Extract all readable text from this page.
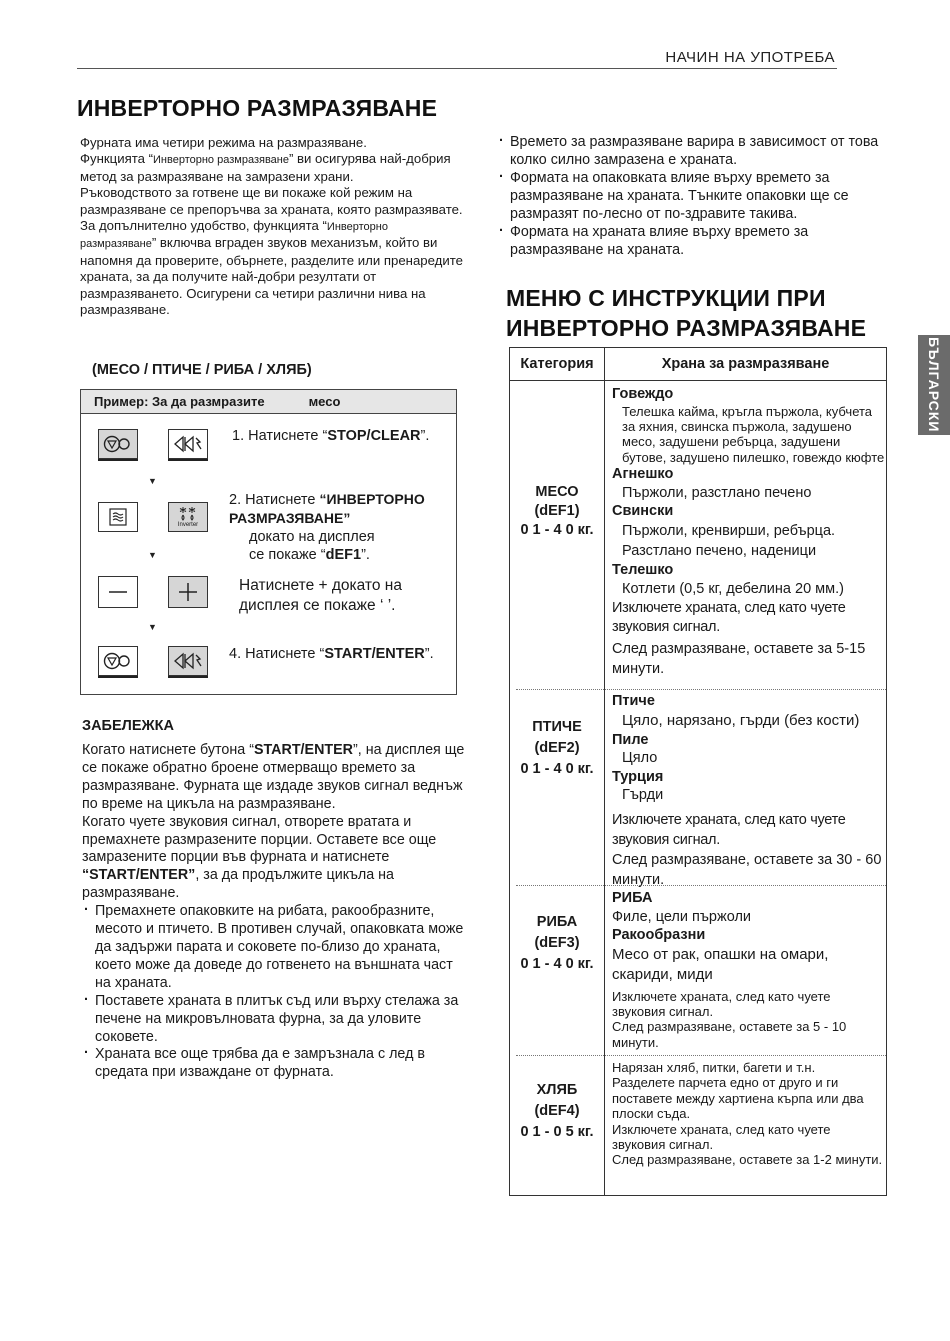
НАЧИН НА УПОТРЕБА
БЪЛГАРСКИ
ИНВЕРТОРНО РАЗМРАЗЯВАНЕ

Фурната има четири режима на размразяване.

Функцията “Инверторно размразяване” ви осигурява най-добрия метод за размразяване на замразени храни.

Ръководството за готвене ще ви покаже кой режим на размразяване се препоръчва за храната, която размразявате.

За допълнително удобство, функцията “Инверторно размразяване” включва вграден звуков механизъм, който ви напомня да проверите, обърнете, разделите или пренаредите храната, за да получите най-добри резултати от размразяването. Осигурени са четири различни нива на размразяване.

(МЕСО / ПТИЧЕ / РИБА / ХЛЯБ)
Пример: За да размразите	месо
1. Натиснете “STOP/CLEAR”.
▼
Inverter
2. Натиснете “ИНВЕРТОРНО РАЗМРАЗЯВАНЕ”
докато на дисплея
се покаже “dEF1”.
▼
Натиснете + докато на
дисплея се покаже ‘ ’.
▼
4. Натиснете “START/ENTER”.
ЗАБЕЛЕЖКА

Когато натиснете бутона “START/ENTER”, на дисплея ще се покаже обратно броене отмерващо времето за размразяване. Фурната ще издаде звуков сигнал веднъж по време на цикъла на размразяване.

Когато чуете звуковия сигнал, отворете вратата и премахнете размразените порции. Оставете все още замразените порции във фурната и натиснете “START/ENTER”, за да продължите цикъла на размразяване.

· Премахнете опаковките на рибата, ракообразните, месото и птичето. В противен случай, опаковката може да задържи парата и соковете по-близо до храната, което може да доведе до готвенето на външната част на храната.
· Поставете храната в плитък съд или върху стелажа за печене на микровълновата фурна, за да уловите соковете.
· Храната все още трябва да е замръзнала с лед в средата при изваждане от фурната.
· Времето за размразяване варира в зависимост от това колко силно замразена е храната.
· Формата на опаковката влияе върху времето за размразяване на храната. Тънките опаковки ще се размразят по-лесно от по-здравите такива.
· Формата на храната влияе върху времето за размразяване на храната.
МЕНЮ С ИНСТРУКЦИИ ПРИ
ИНВЕРТОРНО РАЗМРАЗЯВАНЕ
Категория	Храна за размразяване
МЕСО
(dEF1)
0 1 - 4 0 кг.
Говеждо
Телешка кайма, кръгла пържола, кубчета за яхния, свинска пържола, задушено месо, задушени ребърца, задушени бутове, задушено пилешко, говеждо кюфте
Агнешко
Пържоли, разстлано печено
Свински
Пържоли, кренвирши, ребърца.
Разстлано печено, наденици
Телешко
Котлети (0,5 кг, дебелина 20 мм.)
Изключете храната, след като чуете звуковия сигнал.
След размразяване, оставете за 5-15 минути.
ПТИЧЕ
(dEF2)
0 1 - 4 0 кг.
Птиче
Цяло, нарязано, гърди (без кости)
Пиле
Цяло
Турция
Гърди
Изключете храната, след като чуете звуковия сигнал.
След размразяване, оставете за 30 - 60 минути.
РИБА
(dEF3)
0 1 - 4 0 кг.
РИБА
Филе, цели пържоли
Ракообразни
Месо от рак, опашки на омари, скариди, миди
Изключете храната, след като чуете звуковия сигнал.
След размразяване, оставете за 5 - 10 минути.
ХЛЯБ
(dEF4)
0 1 - 0 5 кг.
Нарязан хляб, питки, багети и т.н.
Разделете парчета едно от друго и ги поставете между хартиена кърпа или два плоски съда.
Изключете храната, след като чуете звуковия сигнал.
След размразяване, оставете за 1-2 минути.
